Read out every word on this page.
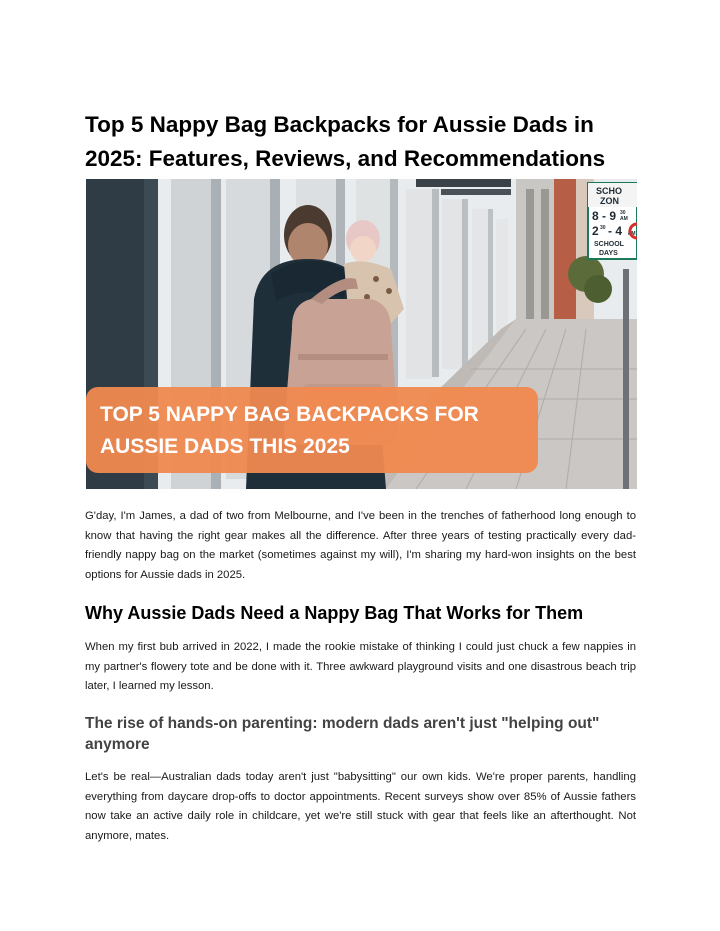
Top 5 Nappy Bag Backpacks for Aussie Dads in 2025: Features, Reviews, and Recommendations
SCHO
ZON
8 - 9 30
AM
2 30 - 4 PM
SCHOOL
DAYS
TOP 5 NAPPY BAG BACKPACKS FOR
AUSSIE DADS THIS 2025

G'day, I'm James, a dad of two from Melbourne, and I've been in the trenches of fatherhood long enough to know that having the right gear makes all the difference. After three years of testing practically every dad-friendly nappy bag on the market (sometimes against my will), I'm sharing my hard-won insights on the best options for Aussie dads in 2025.

Why Aussie Dads Need a Nappy Bag That Works for Them

When my first bub arrived in 2022, I made the rookie mistake of thinking I could just chuck a few nappies in my partner's flowery tote and be done with it. Three awkward playground visits and one disastrous beach trip later, I learned my lesson.

The rise of hands-on parenting: modern dads aren't just "helping out" anymore

Let's be real—Australian dads today aren't just "babysitting" our own kids. We're proper parents, handling everything from daycare drop-offs to doctor appointments. Recent surveys show over 85% of Aussie fathers now take an active daily role in childcare, yet we're still stuck with gear that feels like an afterthought. Not anymore, mates.
